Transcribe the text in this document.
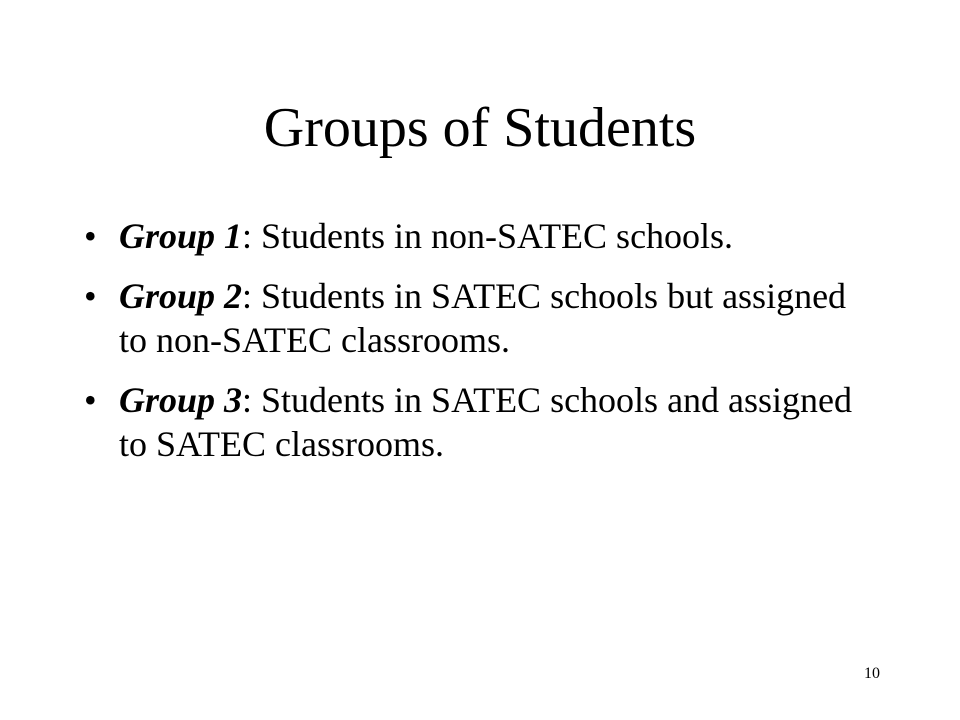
Groups of Students
• Group 1: Students in non-SATEC schools.
• Group 2: Students in SATEC schools but assigned to non-SATEC classrooms.
• Group 3: Students in SATEC schools and assigned to SATEC classrooms.
10
